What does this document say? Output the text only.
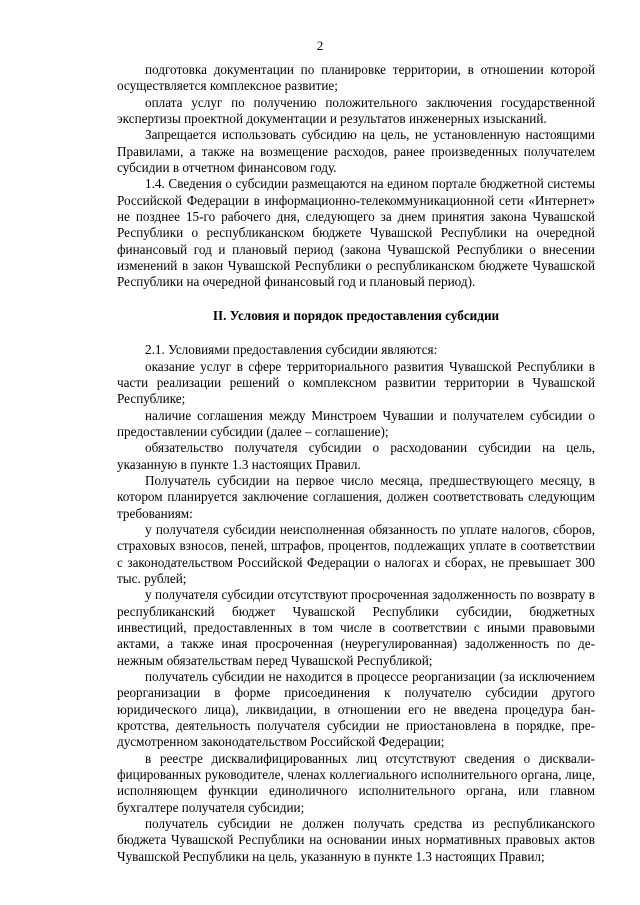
2

подготовка документации по планировке территории, в отношении которой осуществляется комплексное развитие;

оплата услуг по получению положительного заключения государственной экспертизы проектной документации и результатов инженерных изысканий.

Запрещается использовать субсидию на цель, не установленную настоящими Правилами, а также на возмещение расходов, ранее произведенных получателем субсидии в отчетном финансовом году.

1.4. Сведения о субсидии размещаются на едином портале бюджетной системы Российской Федерации в информационно-телекоммуникационной сети «Интернет» не позднее 15-го рабочего дня, следующего за днем принятия закона Чувашской Республики о республиканском бюджете Чувашской Республики на очередной финансовый год и плановый период (закона Чувашской Республики о внесении изменений в закон Чувашской Республики о республиканском бюджете Чувашской Республики на очередной финансовый год и плановый период).

II. Условия и порядок предоставления субсидии

2.1. Условиями предоставления субсидии являются:

оказание услуг в сфере территориального развития Чувашской Республики в части реализации решений о комплексном развитии территории в Чувашской Республике;

наличие соглашения между Минстроем Чувашии и получателем субсидии о предоставлении субсидии (далее – соглашение);

обязательство получателя субсидии о расходовании субсидии на цель, указанную в пункте 1.3 настоящих Правил.

Получатель субсидии на первое число месяца, предшествующего месяцу, в котором планируется заключение соглашения, должен соответствовать следующим требованиям:

у получателя субсидии неисполненная обязанность по уплате налогов, сборов, страховых взносов, пеней, штрафов, процентов, подлежащих уплате в соответствии с законодательством Российской Федерации о налогах и сборах, не превышает 300 тыс. рублей;

у получателя субсидии отсутствуют просроченная задолженность по возврату в республиканский бюджет Чувашской Республики субсидии, бюджетных инвестиций, предоставленных в том числе в соответствии с иными правовыми актами, а также иная просроченная (неурегулированная) задолженность по денежным обязательствам перед Чувашской Республикой;

получатель субсидии не находится в процессе реорганизации (за исключением реорганизации в форме присоединения к получателю субсидии другого юридического лица), ликвидации, в отношении его не введена процедура банкротства, деятельность получателя субсидии не приостановлена в порядке, предусмотренном законодательством Российской Федерации;

в реестре дисквалифицированных лиц отсутствуют сведения о дисквалифицированных руководителе, членах коллегиального исполнительного органа, лице, исполняющем функции единоличного исполнительного органа, или главном бухгалтере получателя субсидии;

получатель субсидии не должен получать средства из республиканского бюджета Чувашской Республики на основании иных нормативных правовых актов Чувашской Республики на цель, указанную в пункте 1.3 настоящих Правил;
